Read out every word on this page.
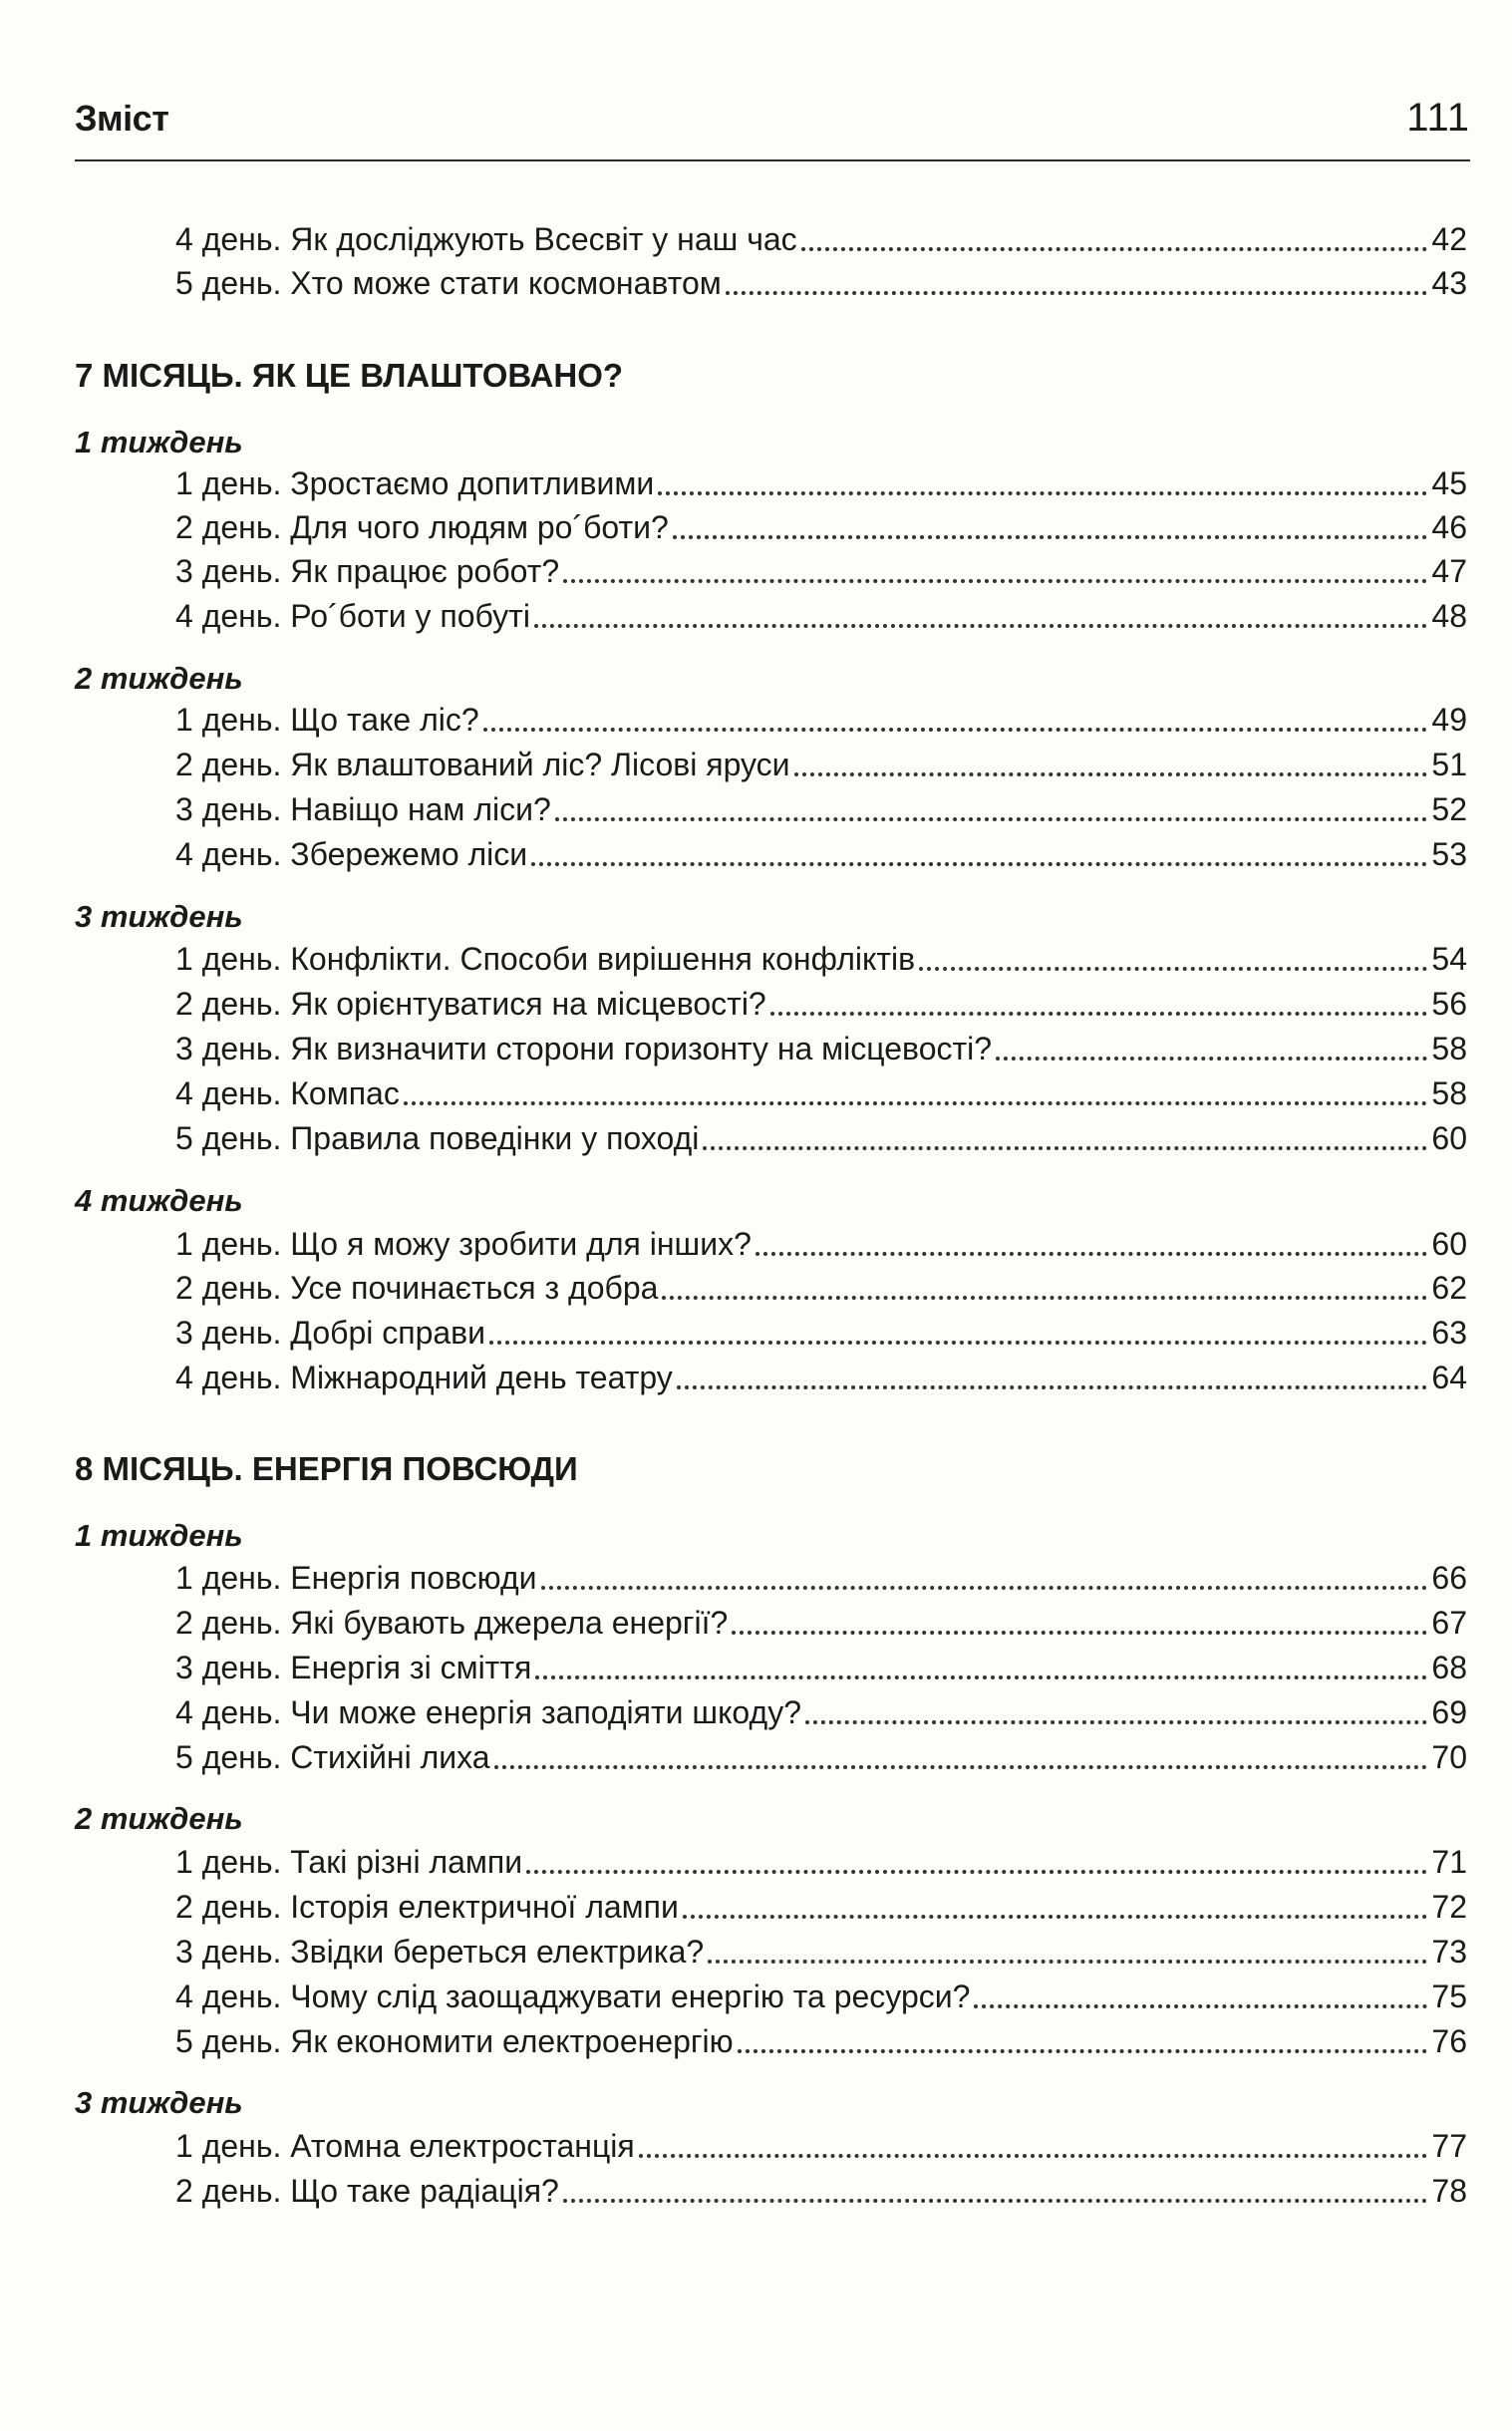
Зміст	111
4 день. Як досліджують Всесвіт у наш час	42
5 день. Хто може стати космонавтом	43
7 МІСЯЦЬ. ЯК ЦЕ ВЛАШТОВАНО?
1 тиждень
1 день. Зростаємо допитливими	45
2 день. Для чого людям ро´боти?	46
3 день. Як працює робот?	47
4 день. Ро´боти у побуті	48
2 тиждень
1 день. Що таке ліс?	49
2 день. Як влаштований ліс? Лісові яруси	51
3 день. Навіщо нам ліси?	52
4 день. Збережемо ліси	53
3 тиждень
1 день. Конфлікти. Способи вирішення конфліктів	54
2 день. Як орієнтуватися на місцевості?	56
3 день. Як визначити сторони горизонту на місцевості?	58
4 день. Компас	58
5 день. Правила поведінки у поході	60
4 тиждень
1 день. Що я можу зробити для інших?	60
2 день. Усе починається з добра	62
3 день. Добрі справи	63
4 день. Міжнародний день театру	64
8 МІСЯЦЬ. ЕНЕРГІЯ ПОВСЮДИ
1 тиждень
1 день. Енергія повсюди	66
2 день. Які бувають джерела енергії?	67
3 день. Енергія зі сміття	68
4 день. Чи може енергія заподіяти шкоду?	69
5 день. Стихійні лиха	70
2 тиждень
1 день. Такі різні лампи	71
2 день. Історія електричної лампи	72
3 день. Звідки береться електрика?	73
4 день. Чому слід заощаджувати енергію та ресурси?	75
5 день. Як економити електроенергію	76
3 тиждень
1 день. Атомна електростанція	77
2 день. Що таке радіація?	78
